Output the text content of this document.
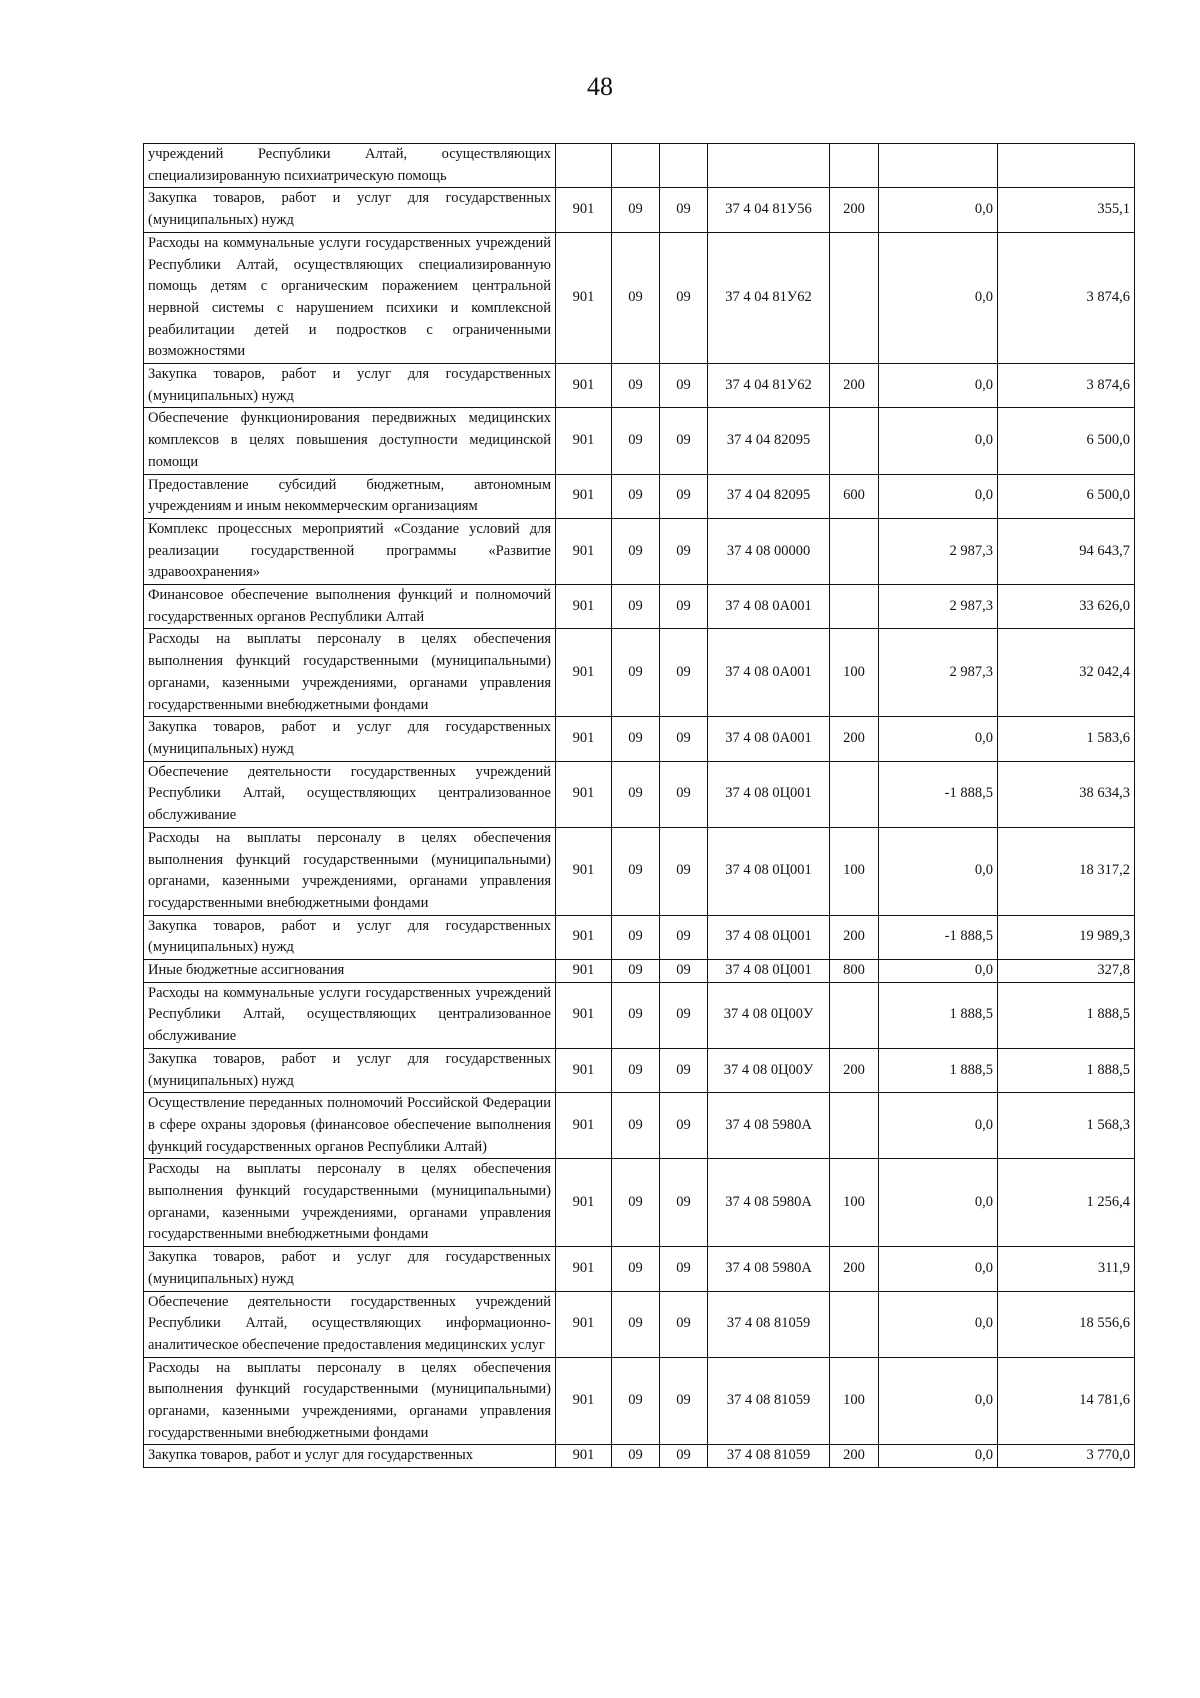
48
учреждений Республики Алтай, осуществляющих специализированную психиатрическую помощь							
Закупка товаров, работ и услуг для государственных (муниципальных) нужд	901	09	09	37 4 04 81У56	200	0,0	355,1
Расходы на коммунальные услуги государственных учреждений Республики Алтай, осуществляющих специализированную помощь детям с органическим поражением центральной нервной системы с нарушением психики и комплексной реабилитации детей и подростков с ограниченными возможностями	901	09	09	37 4 04 81У62		0,0	3 874,6
Закупка товаров, работ и услуг для государственных (муниципальных) нужд	901	09	09	37 4 04 81У62	200	0,0	3 874,6
Обеспечение функционирования передвижных медицинских комплексов в целях повышения доступности медицинской помощи	901	09	09	37 4 04 82095		0,0	6 500,0
Предоставление субсидий бюджетным, автономным учреждениям и иным некоммерческим организациям	901	09	09	37 4 04 82095	600	0,0	6 500,0
Комплекс процессных мероприятий «Создание условий для реализации государственной программы «Развитие здравоохранения»	901	09	09	37 4 08 00000		2 987,3	94 643,7
Финансовое обеспечение выполнения функций и полномочий государственных органов Республики Алтай	901	09	09	37 4 08 0А001		2 987,3	33 626,0
Расходы на выплаты персоналу в целях обеспечения выполнения функций государственными (муниципальными) органами, казенными учреждениями, органами управления государственными внебюджетными фондами	901	09	09	37 4 08 0А001	100	2 987,3	32 042,4
Закупка товаров, работ и услуг для государственных (муниципальных) нужд	901	09	09	37 4 08 0А001	200	0,0	1 583,6
Обеспечение деятельности государственных учреждений Республики Алтай, осуществляющих централизованное обслуживание	901	09	09	37 4 08 0Ц001		-1 888,5	38 634,3
Расходы на выплаты персоналу в целях обеспечения выполнения функций государственными (муниципальными) органами, казенными учреждениями, органами управления государственными внебюджетными фондами	901	09	09	37 4 08 0Ц001	100	0,0	18 317,2
Закупка товаров, работ и услуг для государственных (муниципальных) нужд	901	09	09	37 4 08 0Ц001	200	-1 888,5	19 989,3
Иные бюджетные ассигнования	901	09	09	37 4 08 0Ц001	800	0,0	327,8
Расходы на коммунальные услуги государственных учреждений Республики Алтай, осуществляющих централизованное обслуживание	901	09	09	37 4 08 0Ц00У		1 888,5	1 888,5
Закупка товаров, работ и услуг для государственных (муниципальных) нужд	901	09	09	37 4 08 0Ц00У	200	1 888,5	1 888,5
Осуществление переданных полномочий Российской Федерации в сфере охраны здоровья (финансовое обеспечение выполнения функций государственных органов Республики Алтай)	901	09	09	37 4 08 5980А		0,0	1 568,3
Расходы на выплаты персоналу в целях обеспечения выполнения функций государственными (муниципальными) органами, казенными учреждениями, органами управления государственными внебюджетными фондами	901	09	09	37 4 08 5980А	100	0,0	1 256,4
Закупка товаров, работ и услуг для государственных (муниципальных) нужд	901	09	09	37 4 08 5980А	200	0,0	311,9
Обеспечение деятельности государственных учреждений Республики Алтай, осуществляющих информационно-аналитическое обеспечение предоставления медицинских услуг	901	09	09	37 4 08 81059		0,0	18 556,6
Расходы на выплаты персоналу в целях обеспечения выполнения функций государственными (муниципальными) органами, казенными учреждениями, органами управления государственными внебюджетными фондами	901	09	09	37 4 08 81059	100	0,0	14 781,6
Закупка товаров, работ и услуг для государственных	901	09	09	37 4 08 81059	200	0,0	3 770,0
